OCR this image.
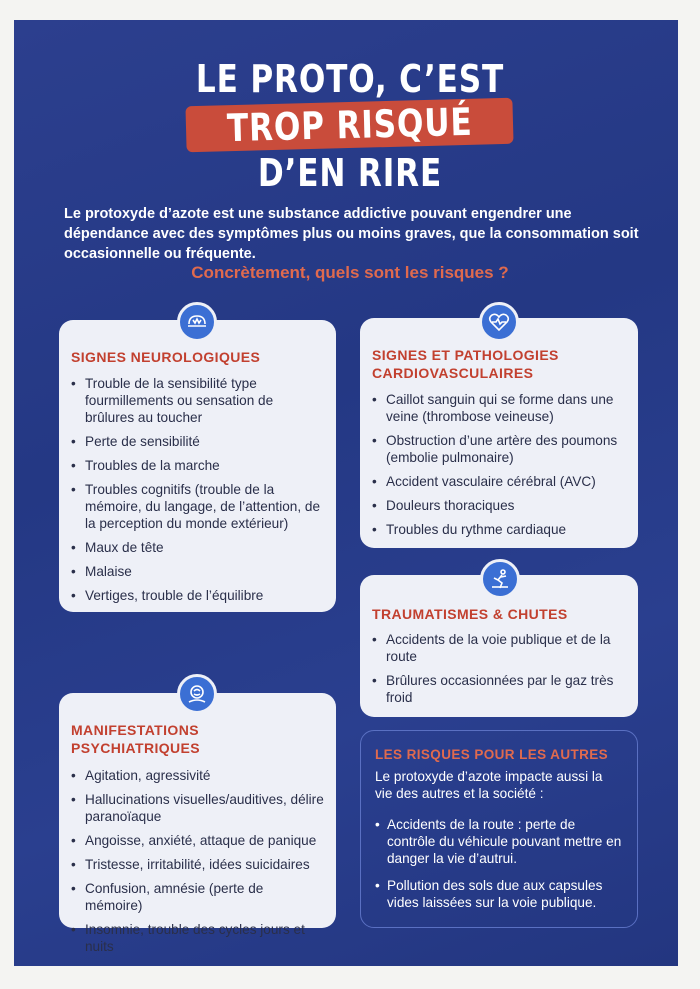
LE PROTO, C’EST
TROP RISQUÉ
D’EN RIRE
Le protoxyde d’azote est une substance addictive pouvant engendrer une dépendance avec des symptômes plus ou moins graves, que la consommation soit occasionnelle ou fréquente.
Concrètement, quels sont les risques ?
SIGNES NEUROLOGIQUES
• Trouble de la sensibilité type fourmillements ou sensation de brûlures au toucher
• Perte de sensibilité
• Troubles de la marche
• Troubles cognitifs (trouble de la mémoire, du langage, de l’attention, de la perception du monde extérieur)
• Maux de tête
• Malaise
• Vertiges, trouble de l’équilibre
SIGNES ET PATHOLOGIES
CARDIOVASCULAIRES
• Caillot sanguin qui se forme dans une veine (thrombose veineuse)
• Obstruction d’une artère des poumons (embolie pulmonaire)
• Accident vasculaire cérébral (AVC)
• Douleurs thoraciques
• Troubles du rythme cardiaque
TRAUMATISMES & CHUTES
• Accidents de la voie publique et de la route
• Brûlures occasionnées par le gaz très froid
MANIFESTATIONS PSYCHIATRIQUES
• Agitation, agressivité
• Hallucinations visuelles/auditives, délire paranoïaque
• Angoisse, anxiété, attaque de panique
• Tristesse, irritabilité, idées suicidaires
• Confusion, amnésie (perte de mémoire)
• Insomnie, trouble des cycles jours et nuits
LES RISQUES POUR LES AUTRES

Le protoxyde d’azote impacte aussi la vie des autres et la société :

• Accidents de la route : perte de contrôle du véhicule pouvant mettre en danger la vie d’autrui.
• Pollution des sols due aux capsules vides laissées sur la voie publique.
